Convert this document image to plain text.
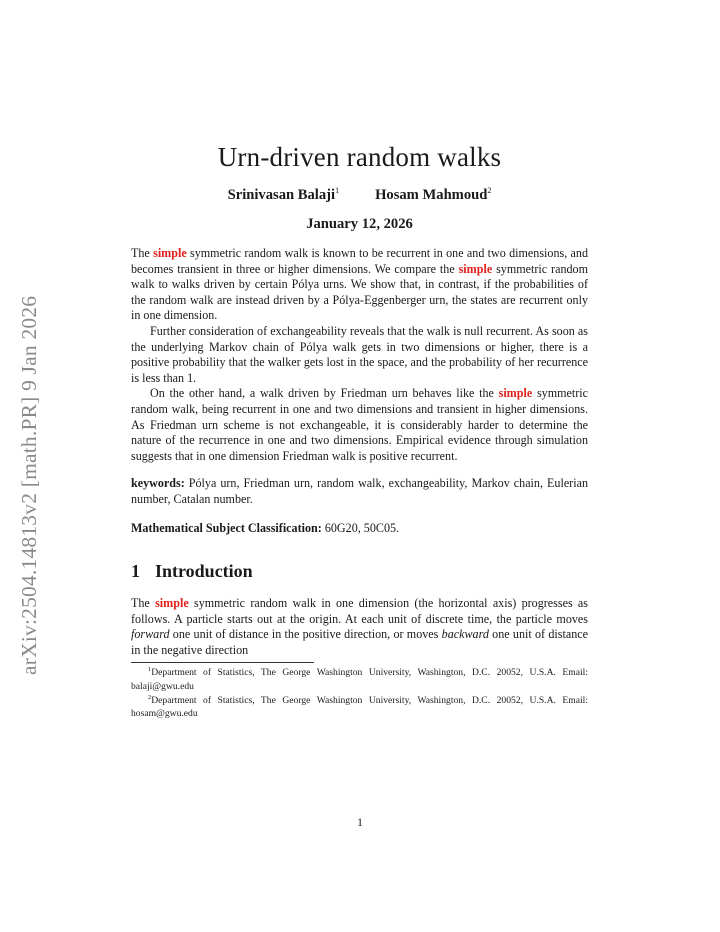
arXiv:2504.14813v2 [math.PR] 9 Jan 2026
Urn-driven random walks
Srinivasan Balaji$^1$ Hosam Mahmoud$^2$
January 12, 2026

The simple symmetric random walk is known to be recurrent in one and two dimensions, and becomes transient in three or higher dimensions. We compare the simple symmetric random walk to walks driven by certain Pólya urns. We show that, in contrast, if the probabilities of the random walk are instead driven by a Pólya-Eggenberger urn, the states are recurrent only in one dimension.

Further consideration of exchangeability reveals that the walk is null recurrent. As soon as the underlying Markov chain of Pólya walk gets in two dimensions or higher, there is a positive probability that the walker gets lost in the space, and the probability of her recurrence is less than 1.

On the other hand, a walk driven by Friedman urn behaves like the simple symmetric random walk, being recurrent in one and two dimensions and transient in higher dimensions. As Friedman urn scheme is not exchangeable, it is considerably harder to determine the nature of the recurrence in one and two dimensions. Empirical evidence through simulation suggests that in one dimension Friedman walk is positive recurrent.

keywords: Pólya urn, Friedman urn, random walk, exchangeability, Markov chain, Eulerian number, Catalan number.
Mathematical Subject Classification: 60G20, 50C05.
1 Introduction

The simple symmetric random walk in one dimension (the horizontal axis) progresses as follows. A particle starts out at the origin. At each unit of discrete time, the particle moves forward one unit of distance in the positive direction, or moves backward one unit of distance in the negative direction

$^1$Department of Statistics, The George Washington University, Washington, D.C. 20052, U.S.A. Email: balaji@gwu.edu

$^2$Department of Statistics, The George Washington University, Washington, D.C. 20052, U.S.A. Email: hosam@gwu.edu

1
